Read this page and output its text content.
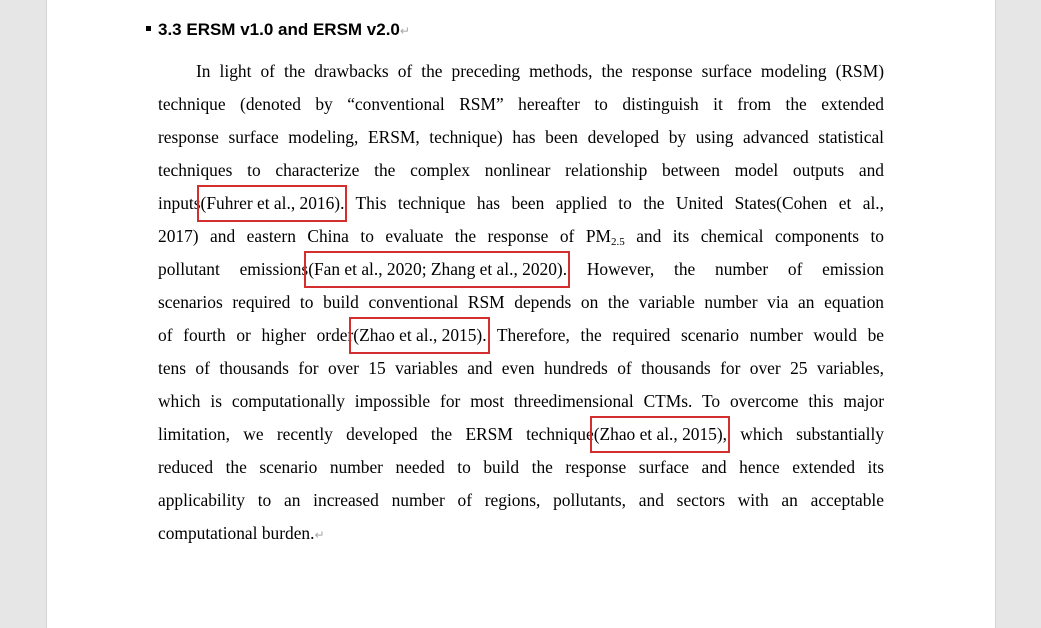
3.3 ERSM v1.0 and ERSM v2.0↵
In light of the drawbacks of the preceding methods, the response surface modeling (RSM)
technique (denoted by “conventional RSM” hereafter to distinguish it from the extended
response surface modeling, ERSM, technique) has been developed by using advanced statistical
techniques to characterize the complex nonlinear relationship between model outputs and
inputs(Fuhrer et al., 2016). This technique has been applied to the United States(Cohen et al.,
2017) and eastern China to evaluate the response of $PM_{2.5}$ and its chemical components to
pollutant emissions(Fan et al., 2020; Zhang et al., 2020). However, the number of emission
scenarios required to build conventional RSM depends on the variable number via an equation
of fourth or higher order(Zhao et al., 2015). Therefore, the required scenario number would be
tens of thousands for over 15 variables and even hundreds of thousands for over 25 variables,
which is computationally impossible for most threedimensional CTMs. To overcome this major
limitation, we recently developed the ERSM technique(Zhao et al., 2015), which substantially
reduced the scenario number needed to build the response surface and hence extended its
applicability to an increased number of regions, pollutants, and sectors with an acceptable
computational burden.↵
